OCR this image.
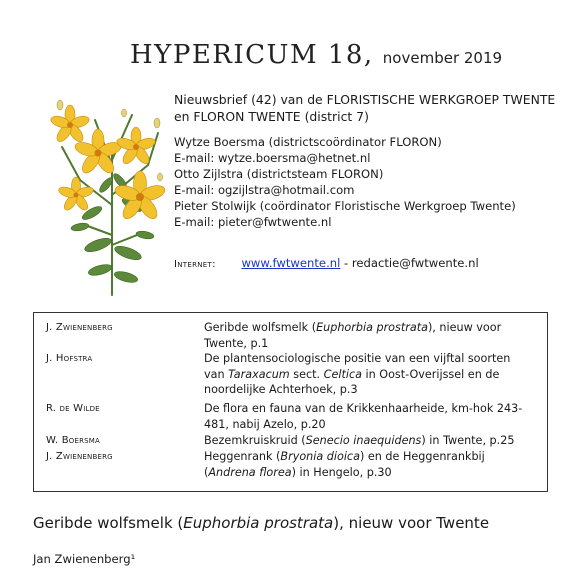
HYPERICUM 18, november 2019
Nieuwsbrief (42) van de FLORISTISCHE WERKGROEP TWENTE
en FLORON TWENTE (district 7)
Wytze Boersma (districtscoördinator FLORON)
E-mail: wytze.boersma@hetnet.nl
Otto Zijlstra (districtsteam FLORON)
E-mail: ogzijlstra@hotmail.com
Pieter Stolwijk (coördinator Floristische Werkgroep Twente)
E-mail: pieter@fwtwente.nl
Internet: www.fwtwente.nl - redactie@fwtwente.nl
J. Zwienenberg	Geribde wolfsmelk (Euphorbia prostrata), nieuw voor Twente, p.1
J. Hofstra	De plantensociologische positie van een vijftal soorten van Taraxacum sect. Celtica in Oost-Overijssel en de noordelijke Achterhoek, p.3
R. de Wilde	De flora en fauna van de Krikkenhaarheide, km-hok 243-481, nabij Azelo, p.20
W. Boersma	Bezemkruiskruid (Senecio inaequidens) in Twente, p.25
J. Zwienenberg	Heggenrank (Bryonia dioica) en de Heggenrankbij (Andrena florea) in Hengelo, p.30
Geribde wolfsmelk (Euphorbia prostrata), nieuw voor Twente
Jan Zwienenberg¹
